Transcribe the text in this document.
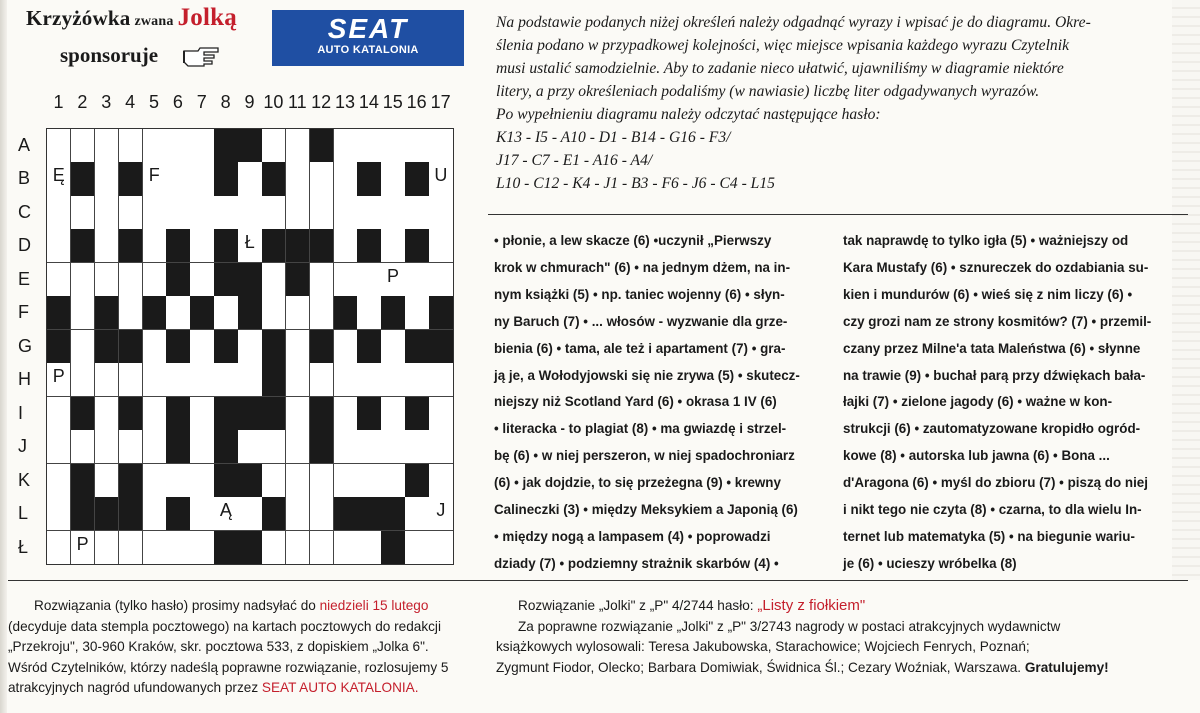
Krzyżówka zwana Jolką
sponsoruje
SEAT
AUTO KATALONIA
1 2 3 4 5 6 7 8 9 10 11 12 13 14 15 16 17
A
B
C
D
E
F
G
H
I
J
K
L
Ł
Ę	F	U
Ł
P
P
Ą	J
P
Na podstawie podanych niżej określeń należy odgadnąć wyrazy i wpisać je do diagramu. Okre-
ślenia podano w przypadkowej kolejności, więc miejsce wpisania każdego wyrazu Czytelnik
musi ustalić samodzielnie. Aby to zadanie nieco ułatwić, ujawniliśmy w diagramie niektóre
litery, a przy określeniach podaliśmy (w nawiasie) liczbę liter odgadywanych wyrazów.
Po wypełnieniu diagramu należy odczytać następujące hasło:
K13 - I5 - A10 - D1 - B14 - G16 - F3/
J17 - C7 - E1 - A16 - A4/
L10 - C12 - K4 - J1 - B3 - F6 - J6 - C4 - L15
• płonie, a lew skacze (6) •uczynił „Pierwszy
krok w chmurach" (6) • na jednym dżem, na in-
nym książki (5) • np. taniec wojenny (6) • słyn-
ny Baruch (7) • ... włosów - wyzwanie dla grze-
bienia (6) • tama, ale też i apartament (7) • gra-
ją je, a Wołodyjowski się nie zrywa (5) • skutecz-
niejszy niż Scotland Yard (6) • okrasa 1 IV (6)
• literacka - to plagiat (8) • ma gwiazdę i strzel-
bę (6) • w niej perszeron, w niej spadochroniarz
(6) • jak dojdzie, to się przeżegna (9) • krewny
Calineczki (3) • między Meksykiem a Japonią (6)
• między nogą a lampasem (4) • poprowadzi
dziady (7) • podziemny strażnik skarbów (4) •
tak naprawdę to tylko igła (5) • ważniejszy od
Kara Mustafy (6) • sznureczek do ozdabiania su-
kien i mundurów (6) • wieś się z nim liczy (6) •
czy grozi nam ze strony kosmitów? (7) • przemil-
czany przez Milne'a tata Maleństwa (6) • słynne
na trawie (9) • buchał parą przy dźwiękach bała-
łajki (7) • zielone jagody (6) • ważne w kon-
strukcji (6) • zautomatyzowane kropidło ogród-
kowe (8) • autorska lub jawna (6) • Bona ...
d'Aragona (6) • myśl do zbioru (7) • piszą do niej
i nikt tego nie czyta (8) • czarna, to dla wielu In-
ternet lub matematyka (5) • na biegunie wariu-
je (6) • ucieszy wróbelka (8)
Rozwiązania (tylko hasło) prosimy nadsyłać do niedzieli 15 lutego
(decyduje data stempla pocztowego) na kartach pocztowych do redakcji
„Przekroju", 30-960 Kraków, skr. pocztowa 533, z dopiskiem „Jolka 6".
Wśród Czytelników, którzy nadeślą poprawne rozwiązanie, rozlosujemy 5
atrakcyjnych nagród ufundowanych przez SEAT AUTO KATALONIA.
Rozwiązanie „Jolki" z „P" 4/2744 hasło: „Listy z fiołkiem"
Za poprawne rozwiązanie „Jolki" z „P" 3/2743 nagrody w postaci atrakcyjnych wydawnictw
książkowych wylosowali: Teresa Jakubowska, Starachowice; Wojciech Fenrych, Poznań;
Zygmunt Fiodor, Olecko; Barbara Domiwiak, Świdnica Śl.; Cezary Woźniak, Warszawa. Gratulujemy!
